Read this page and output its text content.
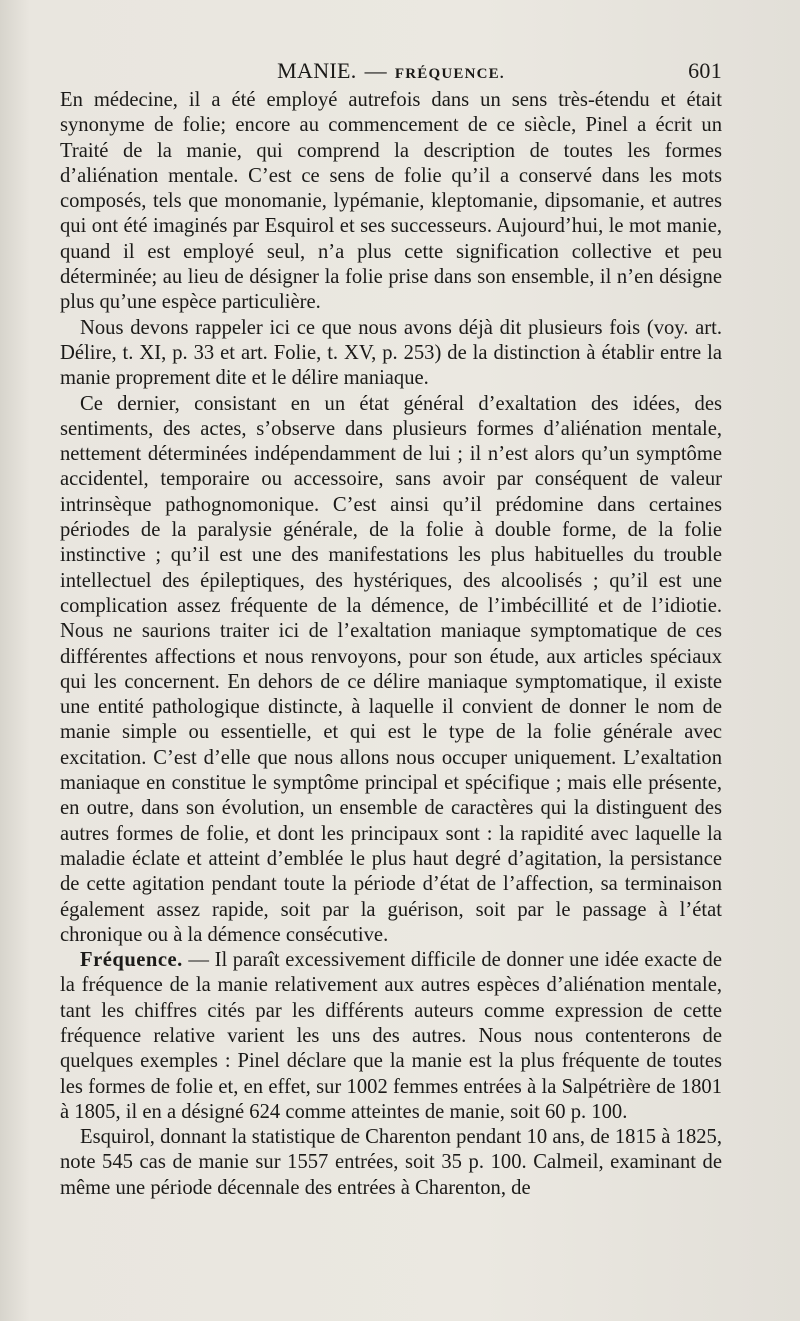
MANIE. — FRÉQUENCE.	601

En médecine, il a été employé autrefois dans un sens très-étendu et était synonyme de folie; encore au commencement de ce siècle, Pinel a écrit un Traité de la manie, qui comprend la description de toutes les formes d’aliénation mentale. C’est ce sens de folie qu’il a conservé dans les mots composés, tels que monomanie, lypémanie, kleptomanie, dipsomanie, et autres qui ont été imaginés par Esquirol et ses successeurs. Aujourd’hui, le mot manie, quand il est employé seul, n’a plus cette signification collective et peu déterminée; au lieu de désigner la folie prise dans son ensemble, il n’en désigne plus qu’une espèce particulière.

Nous devons rappeler ici ce que nous avons déjà dit plusieurs fois (voy. art. Délire, t. XI, p. 33 et art. Folie, t. XV, p. 253) de la distinction à établir entre la manie proprement dite et le délire maniaque.

Ce dernier, consistant en un état général d’exaltation des idées, des sentiments, des actes, s’observe dans plusieurs formes d’aliénation mentale, nettement déterminées indépendamment de lui ; il n’est alors qu’un symptôme accidentel, temporaire ou accessoire, sans avoir par conséquent de valeur intrinsèque pathognomonique. C’est ainsi qu’il prédomine dans certaines périodes de la paralysie générale, de la folie à double forme, de la folie instinctive ; qu’il est une des manifestations les plus habituelles du trouble intellectuel des épileptiques, des hystériques, des alcoolisés ; qu’il est une complication assez fréquente de la démence, de l’imbécillité et de l’idiotie. Nous ne saurions traiter ici de l’exaltation maniaque symptomatique de ces différentes affections et nous renvoyons, pour son étude, aux articles spéciaux qui les concernent. En dehors de ce délire maniaque symptomatique, il existe une entité pathologique distincte, à laquelle il convient de donner le nom de manie simple ou essentielle, et qui est le type de la folie générale avec excitation. C’est d’elle que nous allons nous occuper uniquement. L’exaltation maniaque en constitue le symptôme principal et spécifique ; mais elle présente, en outre, dans son évolution, un ensemble de caractères qui la distinguent des autres formes de folie, et dont les principaux sont : la rapidité avec laquelle la maladie éclate et atteint d’emblée le plus haut degré d’agitation, la persistance de cette agitation pendant toute la période d’état de l’affection, sa terminaison également assez rapide, soit par la guérison, soit par le passage à l’état chronique ou à la démence consécutive.

Fréquence. — Il paraît excessivement difficile de donner une idée exacte de la fréquence de la manie relativement aux autres espèces d’aliénation mentale, tant les chiffres cités par les différents auteurs comme expression de cette fréquence relative varient les uns des autres. Nous nous contenterons de quelques exemples : Pinel déclare que la manie est la plus fréquente de toutes les formes de folie et, en effet, sur 1002 femmes entrées à la Salpétrière de 1801 à 1805, il en a désigné 624 comme atteintes de manie, soit 60 p. 100.

Esquirol, donnant la statistique de Charenton pendant 10 ans, de 1815 à 1825, note 545 cas de manie sur 1557 entrées, soit 35 p. 100. Calmeil, examinant de même une période décennale des entrées à Charenton, de
